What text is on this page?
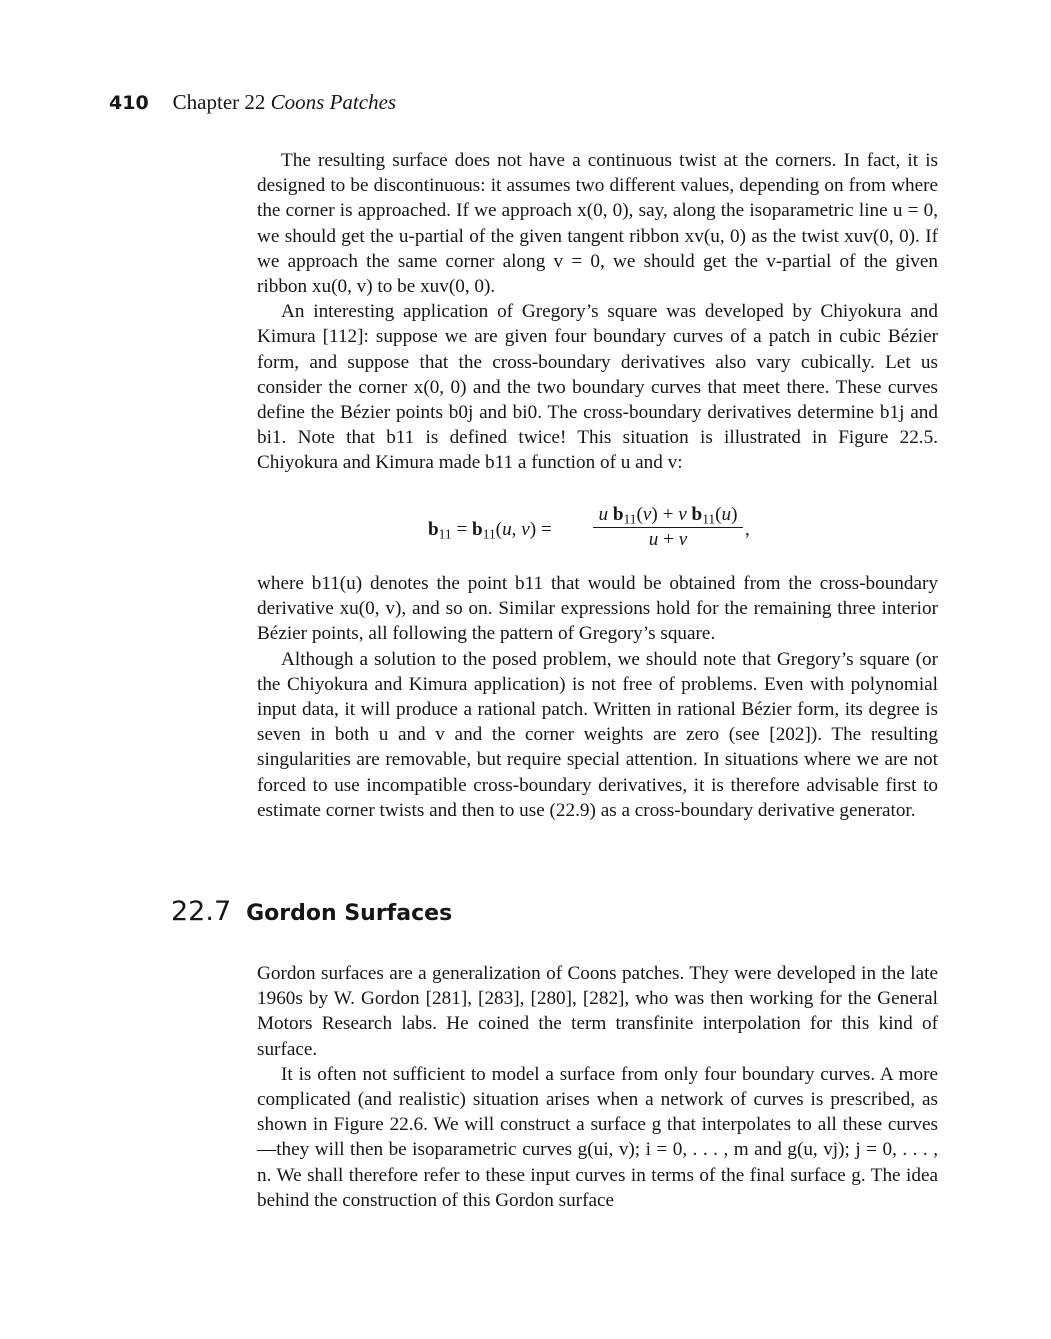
410 Chapter 22 Coons Patches

The resulting surface does not have a continuous twist at the corners. In fact, it is designed to be discontinuous: it assumes two different values, depending on from where the corner is approached. If we approach x(0, 0), say, along the isoparametric line u = 0, we should get the u-partial of the given tangent ribbon xv(u, 0) as the twist xuv(0, 0). If we approach the same corner along v = 0, we should get the v-partial of the given ribbon xu(0, v) to be xuv(0, 0).

An interesting application of Gregory’s square was developed by Chiyokura and Kimura [112]: suppose we are given four boundary curves of a patch in cubic Bézier form, and suppose that the cross-boundary derivatives also vary cubically. Let us consider the corner x(0, 0) and the two boundary curves that meet there. These curves define the Bézier points b0j and bi0. The cross-boundary derivatives determine b1j and bi1. Note that b11 is defined twice! This situation is illustrated in Figure 22.5. Chiyokura and Kimura made b11 a function of u and v:

$b_{11} = b_{11}(u$, $v) = \frac{u b_{11}(v) + v b_{11}(u)}{u + v}$ ,

where b11(u) denotes the point b11 that would be obtained from the cross-boundary derivative xu(0, v), and so on. Similar expressions hold for the remaining three interior Bézier points, all following the pattern of Gregory’s square.

Although a solution to the posed problem, we should note that Gregory’s square (or the Chiyokura and Kimura application) is not free of problems. Even with polynomial input data, it will produce a rational patch. Written in rational Bézier form, its degree is seven in both u and v and the corner weights are zero (see [202]). The resulting singularities are removable, but require special attention. In situations where we are not forced to use incompatible cross-boundary derivatives, it is therefore advisable first to estimate corner twists and then to use (22.9) as a cross-boundary derivative generator.

22.7 Gordon Surfaces

Gordon surfaces are a generalization of Coons patches. They were developed in the late 1960s by W. Gordon [281], [283], [280], [282], who was then working for the General Motors Research labs. He coined the term transfinite interpolation for this kind of surface.

It is often not sufficient to model a surface from only four boundary curves. A more complicated (and realistic) situation arises when a network of curves is prescribed, as shown in Figure 22.6. We will construct a surface g that interpolates to all these curves—they will then be isoparametric curves g(ui, v); i = 0, . . . , m and g(u, vj); j = 0, . . . , n. We shall therefore refer to these input curves in terms of the final surface g. The idea behind the construction of this Gordon surface
